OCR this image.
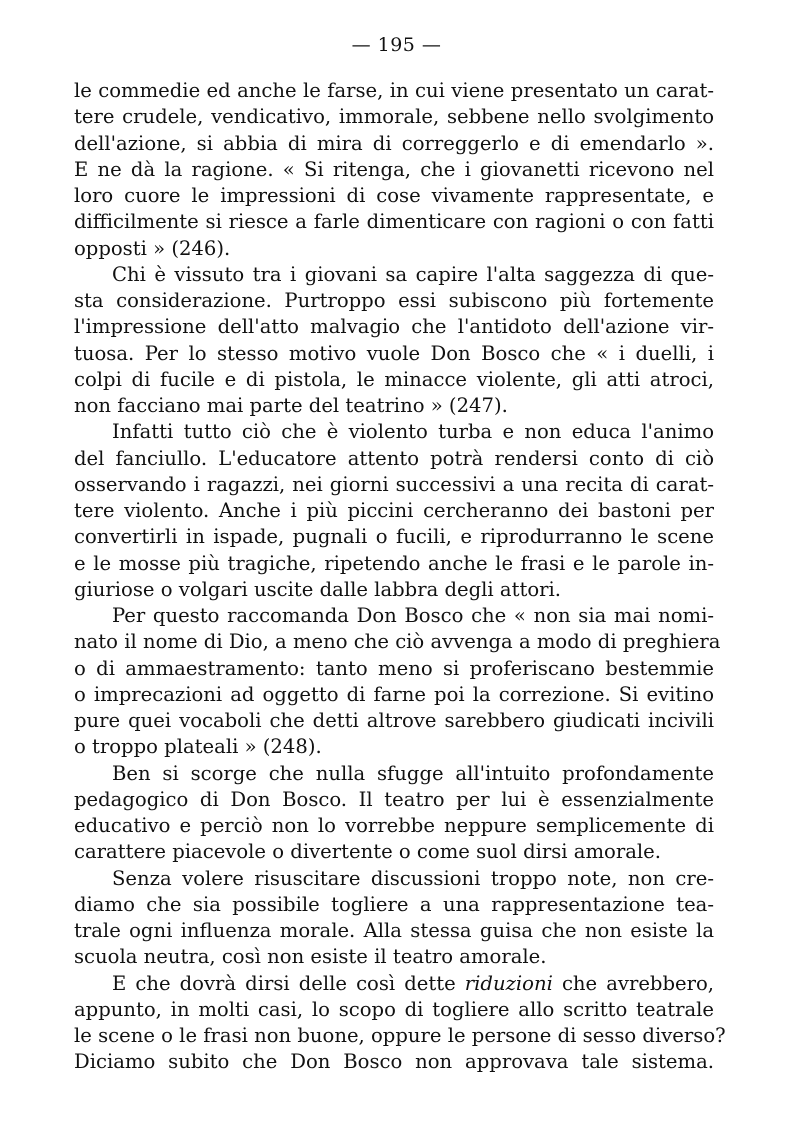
— 195 —

le commedie ed anche le farse, in cui viene presentato un carat-
tere crudele, vendicativo, immorale, sebbene nello svolgimento
dell'azione, si abbia di mira di correggerlo e di emendarlo ».
E ne dà la ragione. « Si ritenga, che i giovanetti ricevono nel
loro cuore le impressioni di cose vivamente rappresentate, e
difficilmente si riesce a farle dimenticare con ragioni o con fatti
opposti » (246).

Chi è vissuto tra i giovani sa capire l'alta saggezza di que-
sta considerazione. Purtroppo essi subiscono più fortemente
l'impressione dell'atto malvagio che l'antidoto dell'azione vir-
tuosa. Per lo stesso motivo vuole Don Bosco che « i duelli, i
colpi di fucile e di pistola, le minacce violente, gli atti atroci,
non facciano mai parte del teatrino » (247).

Infatti tutto ciò che è violento turba e non educa l'animo
del fanciullo. L'educatore attento potrà rendersi conto di ciò
osservando i ragazzi, nei giorni successivi a una recita di carat-
tere violento. Anche i più piccini cercheranno dei bastoni per
convertirli in ispade, pugnali o fucili, e riprodurranno le scene
e le mosse più tragiche, ripetendo anche le frasi e le parole in-
giuriose o volgari uscite dalle labbra degli attori.

Per questo raccomanda Don Bosco che « non sia mai nomi-
nato il nome di Dio, a meno che ciò avvenga a modo di preghiera
o di ammaestramento: tanto meno si proferiscano bestemmie
o imprecazioni ad oggetto di farne poi la correzione. Si evitino
pure quei vocaboli che detti altrove sarebbero giudicati incivili
o troppo plateali » (248).

Ben si scorge che nulla sfugge all'intuito profondamente
pedagogico di Don Bosco. Il teatro per lui è essenzialmente
educativo e perciò non lo vorrebbe neppure semplicemente di
carattere piacevole o divertente o come suol dirsi amorale.

Senza volere risuscitare discussioni troppo note, non cre-
diamo che sia possibile togliere a una rappresentazione tea-
trale ogni influenza morale. Alla stessa guisa che non esiste la
scuola neutra, così non esiste il teatro amorale.

E che dovrà dirsi delle così dette riduzioni che avrebbero,
appunto, in molti casi, lo scopo di togliere allo scritto teatrale
le scene o le frasi non buone, oppure le persone di sesso diverso?
Diciamo subito che Don Bosco non approvava tale sistema.
